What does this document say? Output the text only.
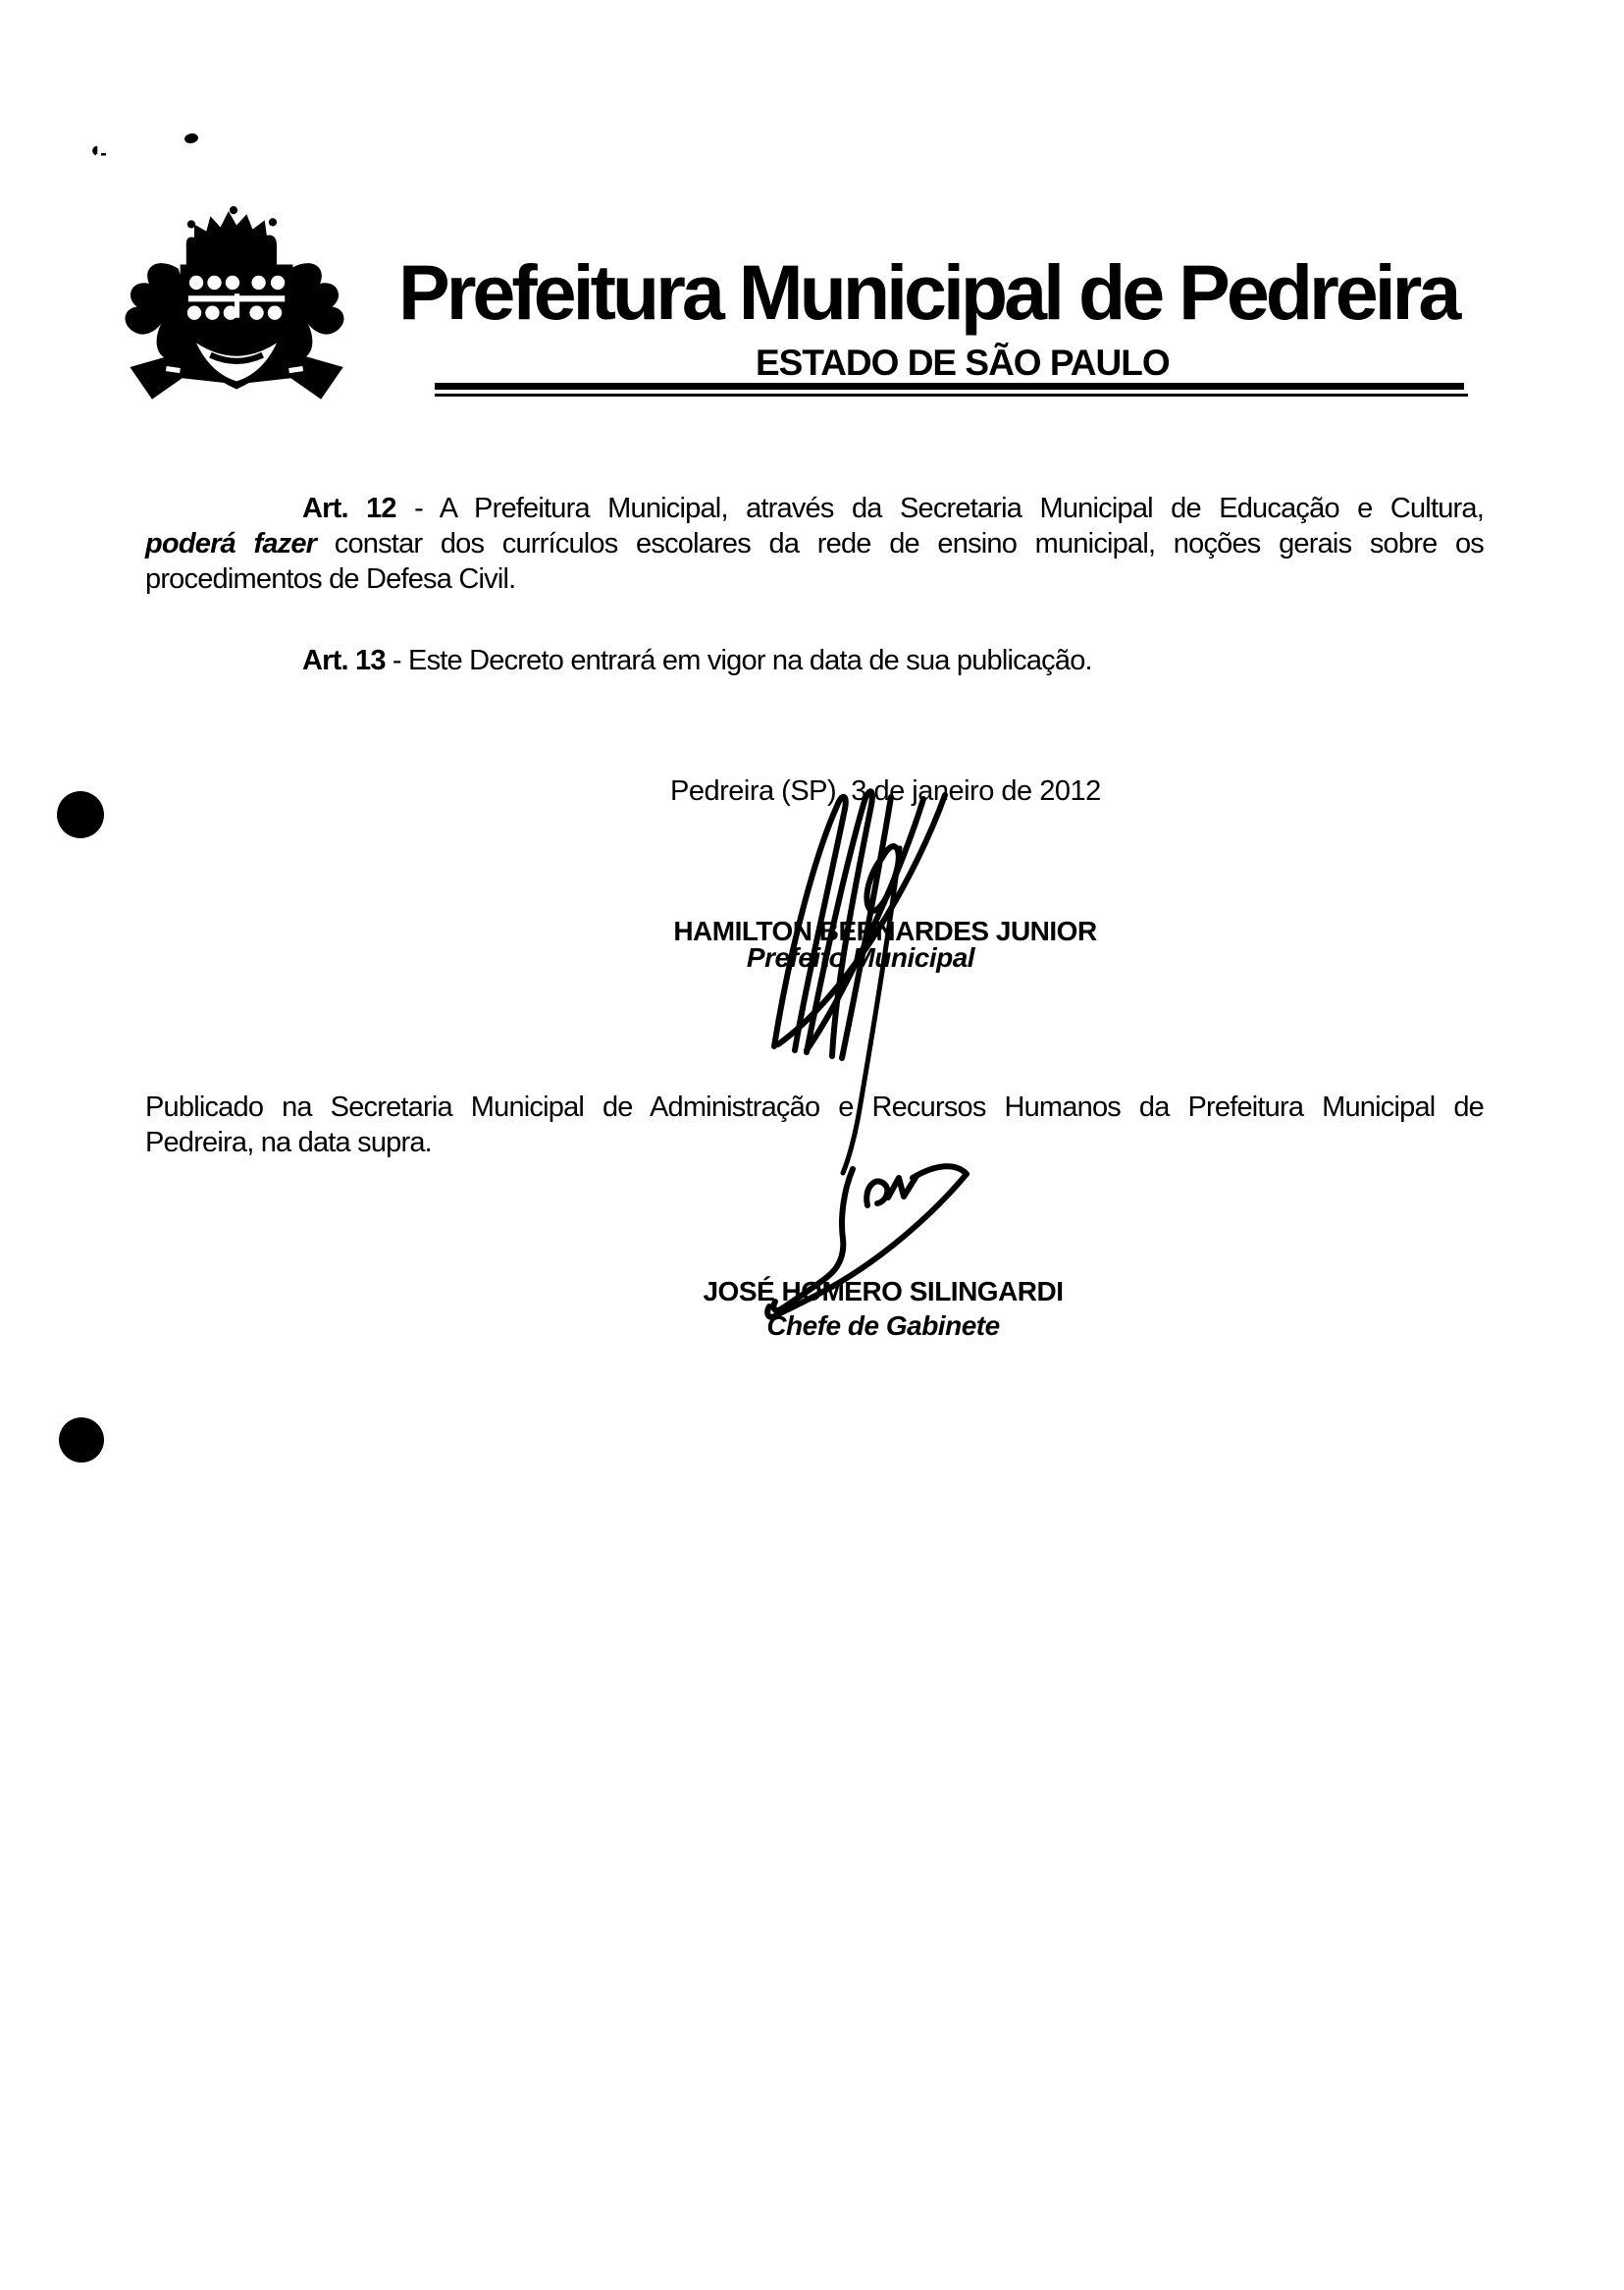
Prefeitura Municipal de Pedreira
ESTADO DE SÃO PAULO
Art. 12 - A Prefeitura Municipal, através da Secretaria Municipal de Educação e Cultura,
poderá fazer constar dos currículos escolares da rede de ensino municipal, noções gerais sobre os
procedimentos de Defesa Civil.
Art. 13 - Este Decreto entrará em vigor na data de sua publicação.
Pedreira (SP), 3 de janeiro de 2012
HAMILTON BERNARDES JUNIOR
Prefeito Municipal
Publicado na Secretaria Municipal de Administração e Recursos Humanos da Prefeitura Municipal de
Pedreira, na data supra.
JOSÉ HOMERO SILINGARDI
Chefe de Gabinete
